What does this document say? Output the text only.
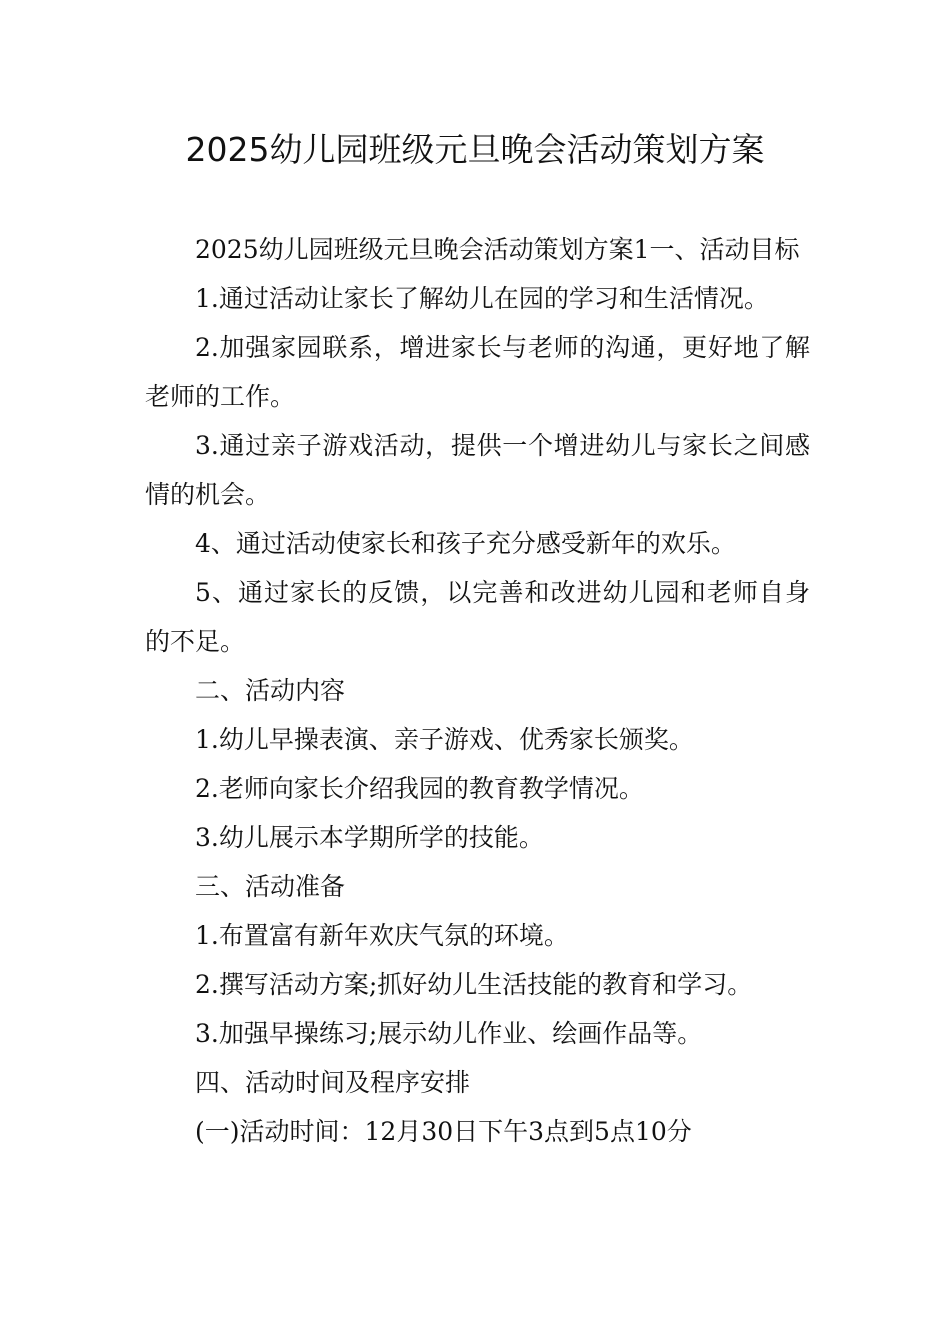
2025幼儿园班级元旦晚会活动策划方案

2025幼儿园班级元旦晚会活动策划方案1一、活动目标

1.通过活动让家长了解幼儿在园的学习和生活情况。

2.加强家园联系，增进家长与老师的沟通，更好地了解老师的工作。

3.通过亲子游戏活动，提供一个增进幼儿与家长之间感情的机会。

4、通过活动使家长和孩子充分感受新年的欢乐。

5、通过家长的反馈，以完善和改进幼儿园和老师自身的不足。

二、活动内容

1.幼儿早操表演、亲子游戏、优秀家长颁奖。

2.老师向家长介绍我园的教育教学情况。

3.幼儿展示本学期所学的技能。

三、活动准备

1.布置富有新年欢庆气氛的环境。

2.撰写活动方案;抓好幼儿生活技能的教育和学习。

3.加强早操练习;展示幼儿作业、绘画作品等。

四、活动时间及程序安排

(一)活动时间：12月30日下午3点到5点10分
